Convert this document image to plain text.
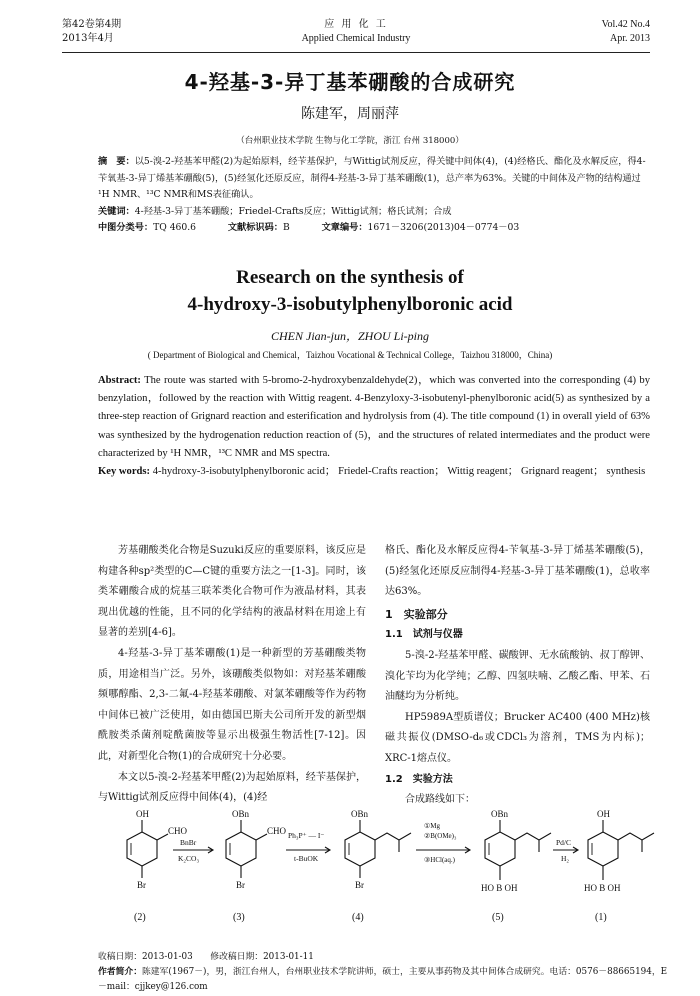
第42卷第4期
2013年4月
应 用 化 工
Applied Chemical Industry
Vol.42 No.4
Apr. 2013
4-羟基-3-异丁基苯硼酸的合成研究
陈建军，周丽萍
（台州职业技术学院 生物与化工学院，浙江 台州 318000）
摘　要：以5-溴-2-羟基苯甲醛(2)为起始原料，经苄基保护，与Wittig试剂反应，得关键中间体(4)，(4)经格氏、酯化及水解反应，得4-苄氧基-3-异丁烯基苯硼酸(5)，(5)经氢化还原反应，制得4-羟基-3-异丁基苯硼酸(1)，总产率为63%。关键的中间体及产物的结构通过¹H NMR、¹³C NMR和MS表征确认。
关键词：4-羟基-3-异丁基苯硼酸；Friedel-Crafts反应；Wittig试剂；格氏试剂；合成
中图分类号：TQ 460.6	文献标识码：B	文章编号：1671－3206(2013)04－0774－03
Research on the synthesis of
4-hydroxy-3-isobutylphenylboronic acid
CHEN Jian-jun，ZHOU Li-ping
( Department of Biological and Chemical，Taizhou Vocational & Technical College，Taizhou 318000，China)
Abstract: The route was started with 5-bromo-2-hydroxybenzaldehyde(2)，which was converted into the corresponding (4) by benzylation，followed by the reaction with Wittig reagent. 4-Benzyloxy-3-isobutenyl-phenylboronic acid(5) as synthesized by a three-step reaction of Grignard reaction and esterification and hydrolysis from (4). The title compound (1) in overall yield of 63% was synthesized by the hydrogenation reduction reaction of (5)，and the structures of related intermediates and the product were characterized by ¹H NMR，¹³C NMR and MS spectra.
Key words: 4-hydroxy-3-isobutylphenylboronic acid； Friedel-Crafts reaction； Wittig reagent； Grignard reagent； synthesis

芳基硼酸类化合物是Suzuki反应的重要原料，该反应是构建各种sp²类型的C—C键的重要方法之一[1-3]。同时，该类苯硼酸合成的烷基三联苯类化合物可作为液晶材料，其表现出优越的性能，且不同的化学结构的液晶材料在用途上有显著的差别[4-6]。

4-羟基-3-异丁基苯硼酸(1)是一种新型的芳基硼酸类物质，用途相当广泛。另外，该硼酸类似物如：对羟基苯硼酸频哪醇酯、2,3-二氟-4-羟基苯硼酸、对氯苯硼酸等作为药物中间体已被广泛使用，如由德国巴斯夫公司所开发的新型烟酰胺类杀菌剂啶酰菌胺等显示出极强生物活性[7-12]。因此，对新型化合物(1)的合成研究十分必要。

本文以5-溴-2-羟基苯甲醛(2)为起始原料，经苄基保护，与Wittig试剂反应得中间体(4)，(4)经

格氏、酯化及水解反应得4-苄氧基-3-异丁烯基苯硼酸(5)，(5)经氢化还原反应制得4-羟基-3-异丁基苯硼酸(1)，总收率达63%。

1　实验部分
1.1　试剂与仪器

5-溴-2-羟基苯甲醛、碳酸钾、无水硫酸钠、叔丁醇钾、溴化苄均为化学纯；乙醇、四氢呋喃、乙酸乙酯、甲苯、石油醚均为分析纯。

HP5989A型质谱仪；Brucker AC400 (400 MHz)核磁共振仪(DMSO-d₆或CDCl₃为溶剂，TMS为内标)；XRC-1熔点仪。

1.2　实验方法

合成路线如下：

OH
CHO
Br
(2)
BnBr
K₂CO₃
OBn
CHO
Br
(3)
Ph₃P⁺ — I⁻
t-BuOK
OBn
Br
(4)
①Mg
②B(OMe)₃
③HCl(aq.)
OBn
HO B OH
(5)
Pd/C
H₂
OH
HO B OH
(1)
收稿日期：2013-01-03　　修改稿日期：2013-01-11
作者简介：陈建军(1967－)，男，浙江台州人，台州职业技术学院讲师，硕士，主要从事药物及其中间体合成研究。电话：0576－88665194，E－mail：cjjkey@126.com
